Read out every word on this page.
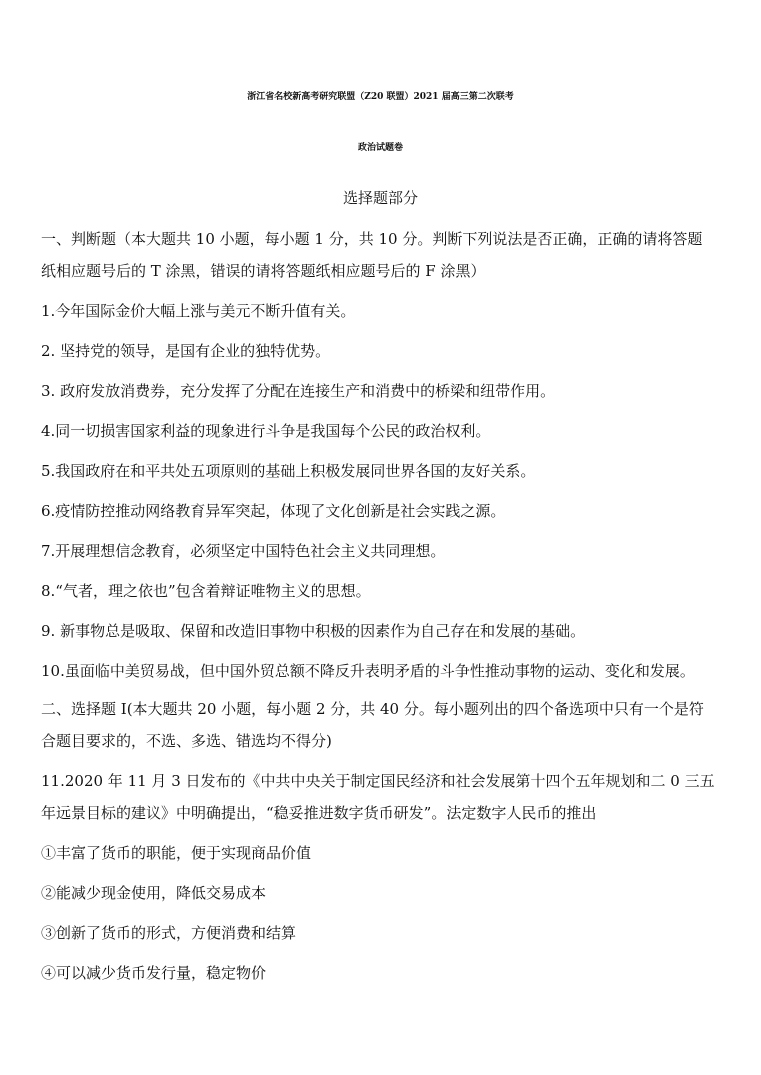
浙江省名校新高考研究联盟（Z20 联盟）2021 届高三第二次联考
政治试题卷
选择题部分
一、判断题（本大题共 10 小题，每小题 1 分，共 10 分。判断下列说法是否正确，正确的请将答题
纸相应题号后的 T 涂黑，错误的请将答题纸相应题号后的 F 涂黑）
1.今年国际金价大幅上涨与美元不断升值有关。
2. 坚持党的领导，是国有企业的独特优势。
3. 政府发放消费券，充分发挥了分配在连接生产和消费中的桥梁和纽带作用。
4.同一切损害国家利益的现象进行斗争是我国每个公民的政治权利。
5.我国政府在和平共处五项原则的基础上积极发展同世界各国的友好关系。
6.疫情防控推动网络教育异军突起，体现了文化创新是社会实践之源。
7.开展理想信念教育，必须坚定中国特色社会主义共同理想。
8.“气者，理之依也”包含着辩证唯物主义的思想。
9. 新事物总是吸取、保留和改造旧事物中积极的因素作为自己存在和发展的基础。
10.虽面临中美贸易战，但中国外贸总额不降反升表明矛盾的斗争性推动事物的运动、变化和发展。
二、选择题 I(本大题共 20 小题，每小题 2 分，共 40 分。每小题列出的四个备选项中只有一个是符
合题目要求的，不选、多选、错选均不得分)
11.2020 年 11 月 3 日发布的《中共中央关于制定国民经济和社会发展第十四个五年规划和二 0 三五
年远景目标的建议》中明确提出，“稳妥推进数字货币研发”。法定数字人民币的推出
①丰富了货币的职能，便于实现商品价值
②能减少现金使用，降低交易成本
③创新了货币的形式，方便消费和结算
④可以减少货币发行量，稳定物价
